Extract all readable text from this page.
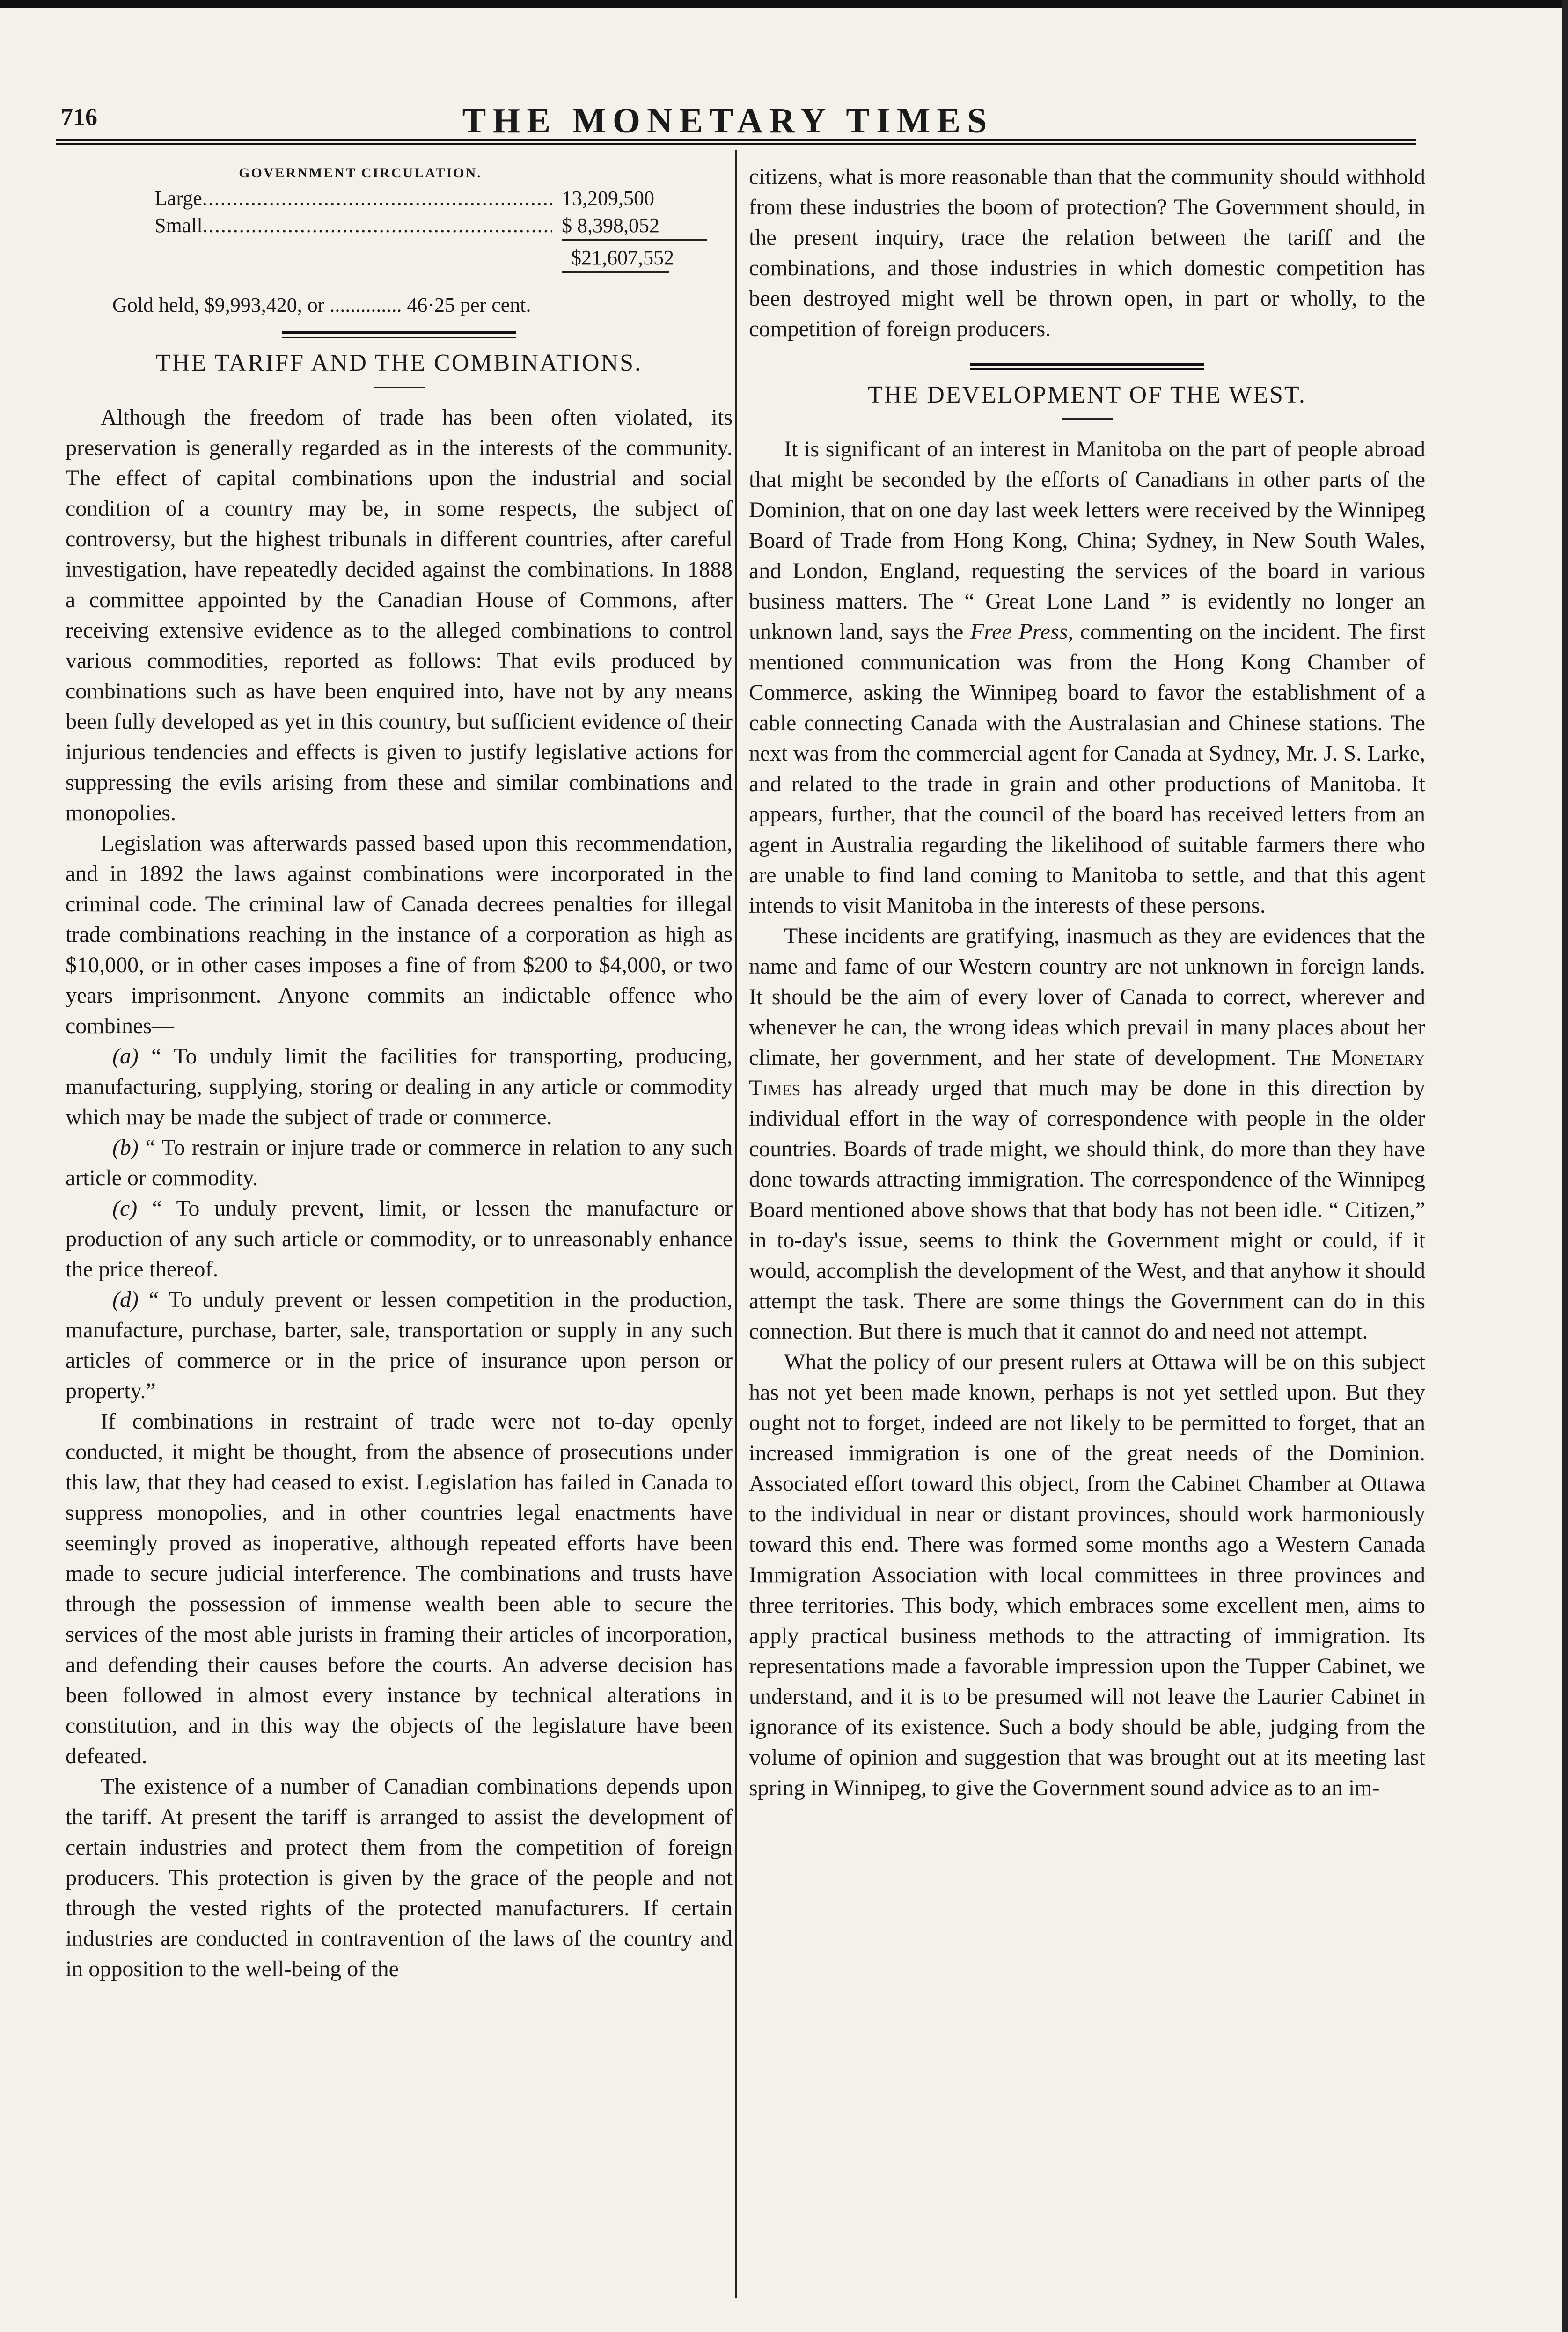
THE MONETARY TIMES
716
GOVERNMENT CIRCULATION.
Large .....	13,209,500
Small .....	$ 8,398,052
$21,607,552
Gold held, $9,993,420, or .............. 46·25 per cent.
THE TARIFF AND THE COMBINATIONS.

Although the freedom of trade has been often violated, its preservation is generally regarded as in the interests of the community. The effect of capital combinations upon the industrial and social condition of a country may be, in some respects, the subject of controversy, but the highest tribunals in different countries, after careful investigation, have repeatedly decided against the combinations. In 1888 a committee appointed by the Canadian House of Commons, after receiving extensive evidence as to the alleged combinations to control various commodities, reported as follows: That evils produced by combinations such as have been enquired into, have not by any means been fully developed as yet in this country, but sufficient evidence of their injurious tendencies and effects is given to justify legislative actions for suppressing the evils arising from these and similar combinations and monopolies.

Legislation was afterwards passed based upon this recommendation, and in 1892 the laws against combinations were incorporated in the criminal code. The criminal law of Canada decrees penalties for illegal trade combinations reaching in the instance of a corporation as high as $10,000, or in other cases imposes a fine of from $200 to $4,000, or two years imprisonment. Anyone commits an indictable offence who combines—

(a) “ To unduly limit the facilities for transporting, producing, manufacturing, supplying, storing or dealing in any article or commodity which may be made the subject of trade or commerce.

(b) “ To restrain or injure trade or commerce in relation to any such article or commodity.

(c) “ To unduly prevent, limit, or lessen the manufacture or production of any such article or commodity, or to unreasonably enhance the price thereof.

(d) “ To unduly prevent or lessen competition in the production, manufacture, purchase, barter, sale, transportation or supply in any such articles of commerce or in the price of insurance upon person or property.”

If combinations in restraint of trade were not to-day openly conducted, it might be thought, from the absence of prosecutions under this law, that they had ceased to exist. Legislation has failed in Canada to suppress monopolies, and in other countries legal enactments have seemingly proved as inoperative, although repeated efforts have been made to secure judicial interference. The combinations and trusts have through the possession of immense wealth been able to secure the services of the most able jurists in framing their articles of incorporation, and defending their causes before the courts. An adverse decision has been followed in almost every instance by technical alterations in constitution, and in this way the objects of the legislature have been defeated.

The existence of a number of Canadian combinations depends upon the tariff. At present the tariff is arranged to assist the development of certain industries and protect them from the competition of foreign producers. This protection is given by the grace of the people and not through the vested rights of the protected manufacturers. If certain industries are conducted in contravention of the laws of the country and in opposition to the well-being of the

citizens, what is more reasonable than that the community should withhold from these industries the boom of protection? The Government should, in the present inquiry, trace the relation between the tariff and the combinations, and those industries in which domestic competition has been destroyed might well be thrown open, in part or wholly, to the competition of foreign producers.

THE DEVELOPMENT OF THE WEST.

It is significant of an interest in Manitoba on the part of people abroad that might be seconded by the efforts of Canadians in other parts of the Dominion, that on one day last week letters were received by the Winnipeg Board of Trade from Hong Kong, China; Sydney, in New South Wales, and London, England, requesting the services of the board in various business matters. The “ Great Lone Land ” is evidently no longer an unknown land, says the Free Press, commenting on the incident. The first mentioned communication was from the Hong Kong Chamber of Commerce, asking the Winnipeg board to favor the establishment of a cable connecting Canada with the Australasian and Chinese stations. The next was from the commercial agent for Canada at Sydney, Mr. J. S. Larke, and related to the trade in grain and other productions of Manitoba. It appears, further, that the council of the board has received letters from an agent in Australia regarding the likelihood of suitable farmers there who are unable to find land coming to Manitoba to settle, and that this agent intends to visit Manitoba in the interests of these persons.

These incidents are gratifying, inasmuch as they are evidences that the name and fame of our Western country are not unknown in foreign lands. It should be the aim of every lover of Canada to correct, wherever and whenever he can, the wrong ideas which prevail in many places about her climate, her government, and her state of development. The Monetary Times has already urged that much may be done in this direction by individual effort in the way of correspondence with people in the older countries. Boards of trade might, we should think, do more than they have done towards attracting immigration. The correspondence of the Winnipeg Board mentioned above shows that that body has not been idle. “ Citizen,” in to-day's issue, seems to think the Government might or could, if it would, accomplish the development of the West, and that anyhow it should attempt the task. There are some things the Government can do in this connection. But there is much that it cannot do and need not attempt.

What the policy of our present rulers at Ottawa will be on this subject has not yet been made known, perhaps is not yet settled upon. But they ought not to forget, indeed are not likely to be permitted to forget, that an increased immigration is one of the great needs of the Dominion. Associated effort toward this object, from the Cabinet Chamber at Ottawa to the individual in near or distant provinces, should work harmoniously toward this end. There was formed some months ago a Western Canada Immigration Association with local committees in three provinces and three territories. This body, which embraces some excellent men, aims to apply practical business methods to the attracting of immigration. Its representations made a favorable impression upon the Tupper Cabinet, we understand, and it is to be presumed will not leave the Laurier Cabinet in ignorance of its existence. Such a body should be able, judging from the volume of opinion and suggestion that was brought out at its meeting last spring in Winnipeg, to give the Government sound advice as to an im-
